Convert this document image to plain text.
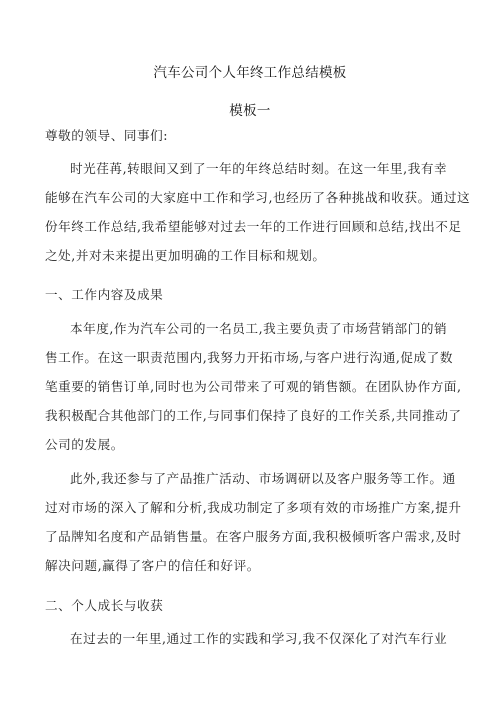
汽车公司个人年终工作总结模板
模板一
尊敬的领导、同事们:
时光荏苒,转眼间又到了一年的年终总结时刻。在这一年里,我有幸
能够在汽车公司的大家庭中工作和学习,也经历了各种挑战和收获。通过这
份年终工作总结,我希望能够对过去一年的工作进行回顾和总结,找出不足
之处,并对未来提出更加明确的工作目标和规划。
一、工作内容及成果
本年度,作为汽车公司的一名员工,我主要负责了市场营销部门的销
售工作。在这一职责范围内,我努力开拓市场,与客户进行沟通,促成了数
笔重要的销售订单,同时也为公司带来了可观的销售额。在团队协作方面,
我积极配合其他部门的工作,与同事们保持了良好的工作关系,共同推动了
公司的发展。
此外,我还参与了产品推广活动、市场调研以及客户服务等工作。通
过对市场的深入了解和分析,我成功制定了多项有效的市场推广方案,提升
了品牌知名度和产品销售量。在客户服务方面,我积极倾听客户需求,及时
解决问题,赢得了客户的信任和好评。
二、个人成长与收获
在过去的一年里,通过工作的实践和学习,我不仅深化了对汽车行业
